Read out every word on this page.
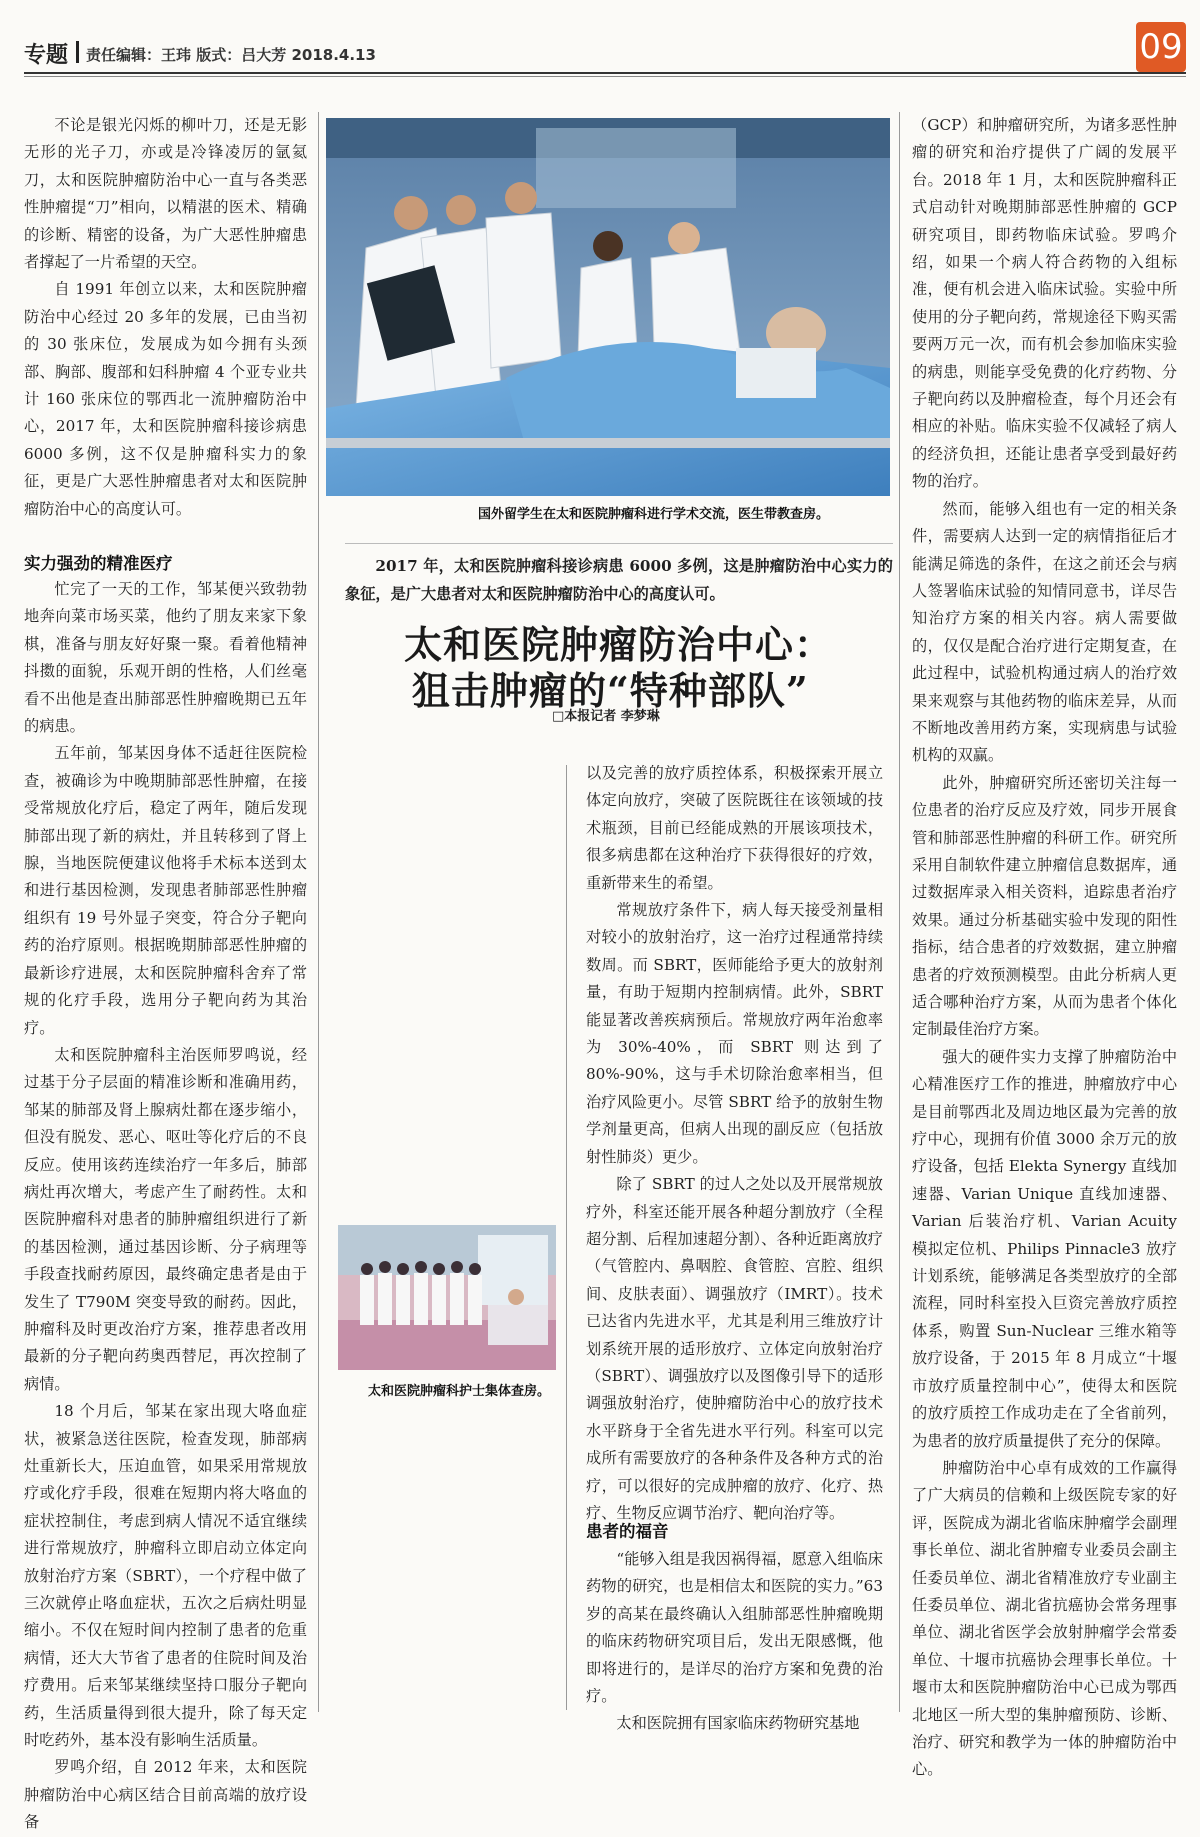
专题 责任编辑：王玮 版式：吕大芳 2018.4.13	09

不论是银光闪烁的柳叶刀，还是无影无形的光子刀，亦或是冷锋凌厉的氩氦刀，太和医院肿瘤防治中心一直与各类恶性肿瘤提“刀”相向，以精湛的医术、精确的诊断、精密的设备，为广大恶性肿瘤患者撑起了一片希望的天空。

自 1991 年创立以来，太和医院肿瘤防治中心经过 20 多年的发展，已由当初的 30 张床位，发展成为如今拥有头颈部、胸部、腹部和妇科肿瘤 4 个亚专业共计 160 张床位的鄂西北一流肿瘤防治中心，2017 年，太和医院肿瘤科接诊病患 6000 多例，这不仅是肿瘤科实力的象征，更是广大恶性肿瘤患者对太和医院肿瘤防治中心的高度认可。

实力强劲的精准医疗

忙完了一天的工作，邹某便兴致勃勃地奔向菜市场买菜，他约了朋友来家下象棋，准备与朋友好好聚一聚。看着他精神抖擞的面貌，乐观开朗的性格，人们丝毫看不出他是查出肺部恶性肿瘤晚期已五年的病患。

五年前，邹某因身体不适赶往医院检查，被确诊为中晚期肺部恶性肿瘤，在接受常规放化疗后，稳定了两年，随后发现肺部出现了新的病灶，并且转移到了肾上腺，当地医院便建议他将手术标本送到太和进行基因检测，发现患者肺部恶性肿瘤组织有 19 号外显子突变，符合分子靶向药的治疗原则。根据晚期肺部恶性肿瘤的最新诊疗进展，太和医院肿瘤科舍弃了常规的化疗手段，选用分子靶向药为其治疗。

太和医院肿瘤科主治医师罗鸣说，经过基于分子层面的精准诊断和准确用药，邹某的肺部及肾上腺病灶都在逐步缩小，但没有脱发、恶心、呕吐等化疗后的不良反应。使用该药连续治疗一年多后，肺部病灶再次增大，考虑产生了耐药性。太和医院肿瘤科对患者的肺肿瘤组织进行了新的基因检测，通过基因诊断、分子病理等手段查找耐药原因，最终确定患者是由于发生了 T790M 突变导致的耐药。因此，肿瘤科及时更改治疗方案，推荐患者改用最新的分子靶向药奥西替尼，再次控制了病情。

18 个月后，邹某在家出现大咯血症状，被紧急送往医院，检查发现，肺部病灶重新长大，压迫血管，如果采用常规放疗或化疗手段，很难在短期内将大咯血的症状控制住，考虑到病人情况不适宜继续进行常规放疗，肿瘤科立即启动立体定向放射治疗方案（SBRT），一个疗程中做了三次就停止咯血症状，五次之后病灶明显缩小。不仅在短时间内控制了患者的危重病情，还大大节省了患者的住院时间及治疗费用。后来邹某继续坚持口服分子靶向药，生活质量得到很大提升，除了每天定时吃药外，基本没有影响生活质量。

罗鸣介绍，自 2012 年来，太和医院肿瘤防治中心病区结合目前高端的放疗设备

国外留学生在太和医院肿瘤科进行学术交流，医生带教查房。
2017 年，太和医院肿瘤科接诊病患 6000 多例，这是肿瘤防治中心实力的象征，是广大患者对太和医院肿瘤防治中心的高度认可。
太和医院肿瘤防治中心：
狙击肿瘤的“特种部队”
□本报记者 李梦琳
太和医院肿瘤科护士集体查房。

以及完善的放疗质控体系，积极探索开展立体定向放疗，突破了医院既往在该领域的技术瓶颈，目前已经能成熟的开展该项技术，很多病患都在这种治疗下获得很好的疗效，重新带来生的希望。

常规放疗条件下，病人每天接受剂量相对较小的放射治疗，这一治疗过程通常持续数周。而 SBRT，医师能给予更大的放射剂量，有助于短期内控制病情。此外，SBRT 能显著改善疾病预后。常规放疗两年治愈率为 30%-40%，而 SBRT 则达到了 80%-90%，这与手术切除治愈率相当，但治疗风险更小。尽管 SBRT 给予的放射生物学剂量更高，但病人出现的副反应（包括放射性肺炎）更少。

除了 SBRT 的过人之处以及开展常规放疗外，科室还能开展各种超分割放疗（全程超分割、后程加速超分割）、各种近距离放疗（气管腔内、鼻咽腔、食管腔、宫腔、组织间、皮肤表面）、调强放疗（IMRT）。技术已达省内先进水平，尤其是利用三维放疗计划系统开展的适形放疗、立体定向放射治疗（SBRT）、调强放疗以及图像引导下的适形调强放射治疗，使肿瘤防治中心的放疗技术水平跻身于全省先进水平行列。科室可以完成所有需要放疗的各种条件及各种方式的治疗，可以很好的完成肿瘤的放疗、化疗、热疗、生物反应调节治疗、靶向治疗等。

患者的福音

“能够入组是我因祸得福，愿意入组临床药物的研究，也是相信太和医院的实力。”63 岁的高某在最终确认入组肺部恶性肿瘤晚期的临床药物研究项目后，发出无限感慨，他即将进行的，是详尽的治疗方案和免费的治疗。

太和医院拥有国家临床药物研究基地

（GCP）和肿瘤研究所，为诸多恶性肿瘤的研究和治疗提供了广阔的发展平台。2018 年 1 月，太和医院肿瘤科正式启动针对晚期肺部恶性肿瘤的 GCP 研究项目，即药物临床试验。罗鸣介绍，如果一个病人符合药物的入组标准，便有机会进入临床试验。实验中所使用的分子靶向药，常规途径下购买需要两万元一次，而有机会参加临床实验的病患，则能享受免费的化疗药物、分子靶向药以及肿瘤检查，每个月还会有相应的补贴。临床实验不仅减轻了病人的经济负担，还能让患者享受到最好药物的治疗。

然而，能够入组也有一定的相关条件，需要病人达到一定的病情指征后才能满足筛选的条件，在这之前还会与病人签署临床试验的知情同意书，详尽告知治疗方案的相关内容。病人需要做的，仅仅是配合治疗进行定期复查，在此过程中，试验机构通过病人的治疗效果来观察与其他药物的临床差异，从而不断地改善用药方案，实现病患与试验机构的双赢。

此外，肿瘤研究所还密切关注每一位患者的治疗反应及疗效，同步开展食管和肺部恶性肿瘤的科研工作。研究所采用自制软件建立肿瘤信息数据库，通过数据库录入相关资料，追踪患者治疗效果。通过分析基础实验中发现的阳性指标，结合患者的疗效数据，建立肿瘤患者的疗效预测模型。由此分析病人更适合哪种治疗方案，从而为患者个体化定制最佳治疗方案。

强大的硬件实力支撑了肿瘤防治中心精准医疗工作的推进，肿瘤放疗中心是目前鄂西北及周边地区最为完善的放疗中心，现拥有价值 3000 余万元的放疗设备，包括 Elekta Synergy 直线加速器、Varian Unique 直线加速器、Varian 后装治疗机、Varian Acuity 模拟定位机、Philips Pinnacle3 放疗计划系统，能够满足各类型放疗的全部流程，同时科室投入巨资完善放疗质控体系，购置 Sun-Nuclear 三维水箱等放疗设备，于 2015 年 8 月成立“十堰市放疗质量控制中心”，使得太和医院的放疗质控工作成功走在了全省前列，为患者的放疗质量提供了充分的保障。

肿瘤防治中心卓有成效的工作赢得了广大病员的信赖和上级医院专家的好评，医院成为湖北省临床肿瘤学会副理事长单位、湖北省肿瘤专业委员会副主任委员单位、湖北省精准放疗专业副主任委员单位、湖北省抗癌协会常务理事单位、湖北省医学会放射肿瘤学会常委单位、十堰市抗癌协会理事长单位。十堰市太和医院肿瘤防治中心已成为鄂西北地区一所大型的集肿瘤预防、诊断、治疗、研究和教学为一体的肿瘤防治中心。
